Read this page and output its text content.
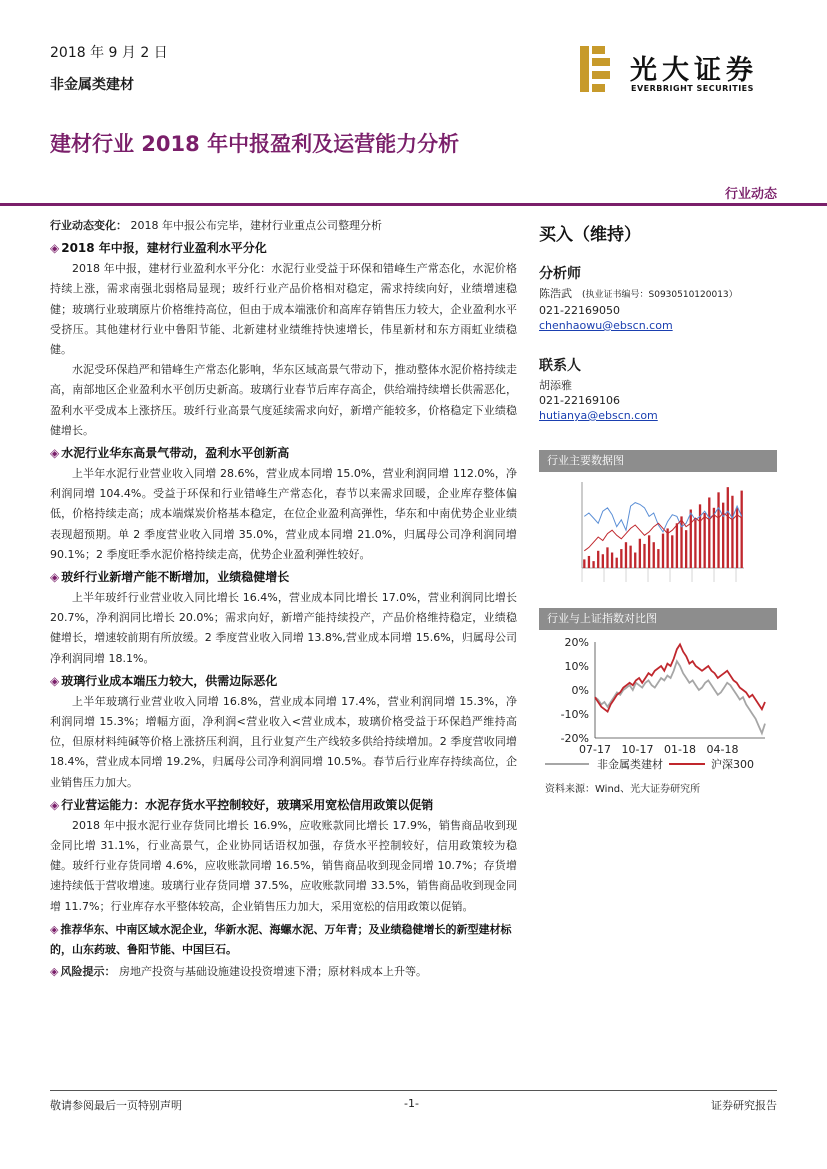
2018 年 9 月 2 日
非金属类建材	光大证券
EVERBRIGHT SECURITIES
建材行业 2018 年中报盈利及运营能力分析
行业动态
行业动态变化： 2018 年中报公布完毕，建材行业重点公司整理分析
◈ 2018 年中报，建材行业盈利水平分化
2018 年中报，建材行业盈利水平分化：水泥行业受益于环保和错峰生产常态化，水泥价格持续上涨，需求南强北弱格局显现；玻纤行业产品价格相对稳定，需求持续向好，业绩增速稳健；玻璃行业玻璃原片价格维持高位，但由于成本端涨价和高库存销售压力较大，企业盈利水平受挤压。其他建材行业中鲁阳节能、北新建材业绩维持快速增长，伟星新材和东方雨虹业绩稳健。
水泥受环保趋严和错峰生产常态化影响，华东区域高景气带动下，推动整体水泥价格持续走高，南部地区企业盈利水平创历史新高。玻璃行业春节后库存高企，供给端持续增长供需恶化，盈利水平受成本上涨挤压。玻纤行业高景气度延续需求向好，新增产能较多，价格稳定下业绩稳健增长。
◈ 水泥行业华东高景气带动，盈利水平创新高
上半年水泥行业营业收入同增 28.6%，营业成本同增 15.0%，营业利润同增 112.0%，净利润同增 104.4%。受益于环保和行业错峰生产常态化，春节以来需求回暖，企业库存整体偏低，价格持续走高；成本端煤炭价格基本稳定，在位企业盈利高弹性，华东和中南优势企业业绩表现超预期。单 2 季度营业收入同增 35.0%，营业成本同增 21.0%，归属母公司净利润同增 90.1%；2 季度旺季水泥价格持续走高，优势企业盈利弹性较好。
◈ 玻纤行业新增产能不断增加，业绩稳健增长
上半年玻纤行业营业收入同比增长 16.4%，营业成本同比增长 17.0%，营业利润同比增长 20.7%，净利润同比增长 20.0%；需求向好，新增产能持续投产，产品价格维持稳定，业绩稳健增长，增速较前期有所放缓。2 季度营业收入同增 13.8%,营业成本同增 15.6%，归属母公司净利润同增 18.1%。
◈ 玻璃行业成本端压力较大，供需边际恶化
上半年玻璃行业营业收入同增 16.8%，营业成本同增 17.4%，营业利润同增 15.3%，净利润同增 15.3%；增幅方面，净利润<营业收入<营业成本，玻璃价格受益于环保趋严维持高位，但原材料纯碱等价格上涨挤压利润，且行业复产生产线较多供给持续增加。2 季度营收同增 18.4%，营业成本同增 19.2%，归属母公司净利润同增 10.5%。春节后行业库存持续高位，企业销售压力加大。
◈ 行业营运能力：水泥存货水平控制较好，玻璃采用宽松信用政策以促销
2018 年中报水泥行业存货同比增长 16.9%，应收账款同比增长 17.9%，销售商品收到现金同比增 31.1%，行业高景气，企业协同话语权加强，存货水平控制较好，信用政策较为稳健。玻纤行业存货同增 4.6%，应收账款同增 16.5%，销售商品收到现金同增 10.7%；存货增速持续低于营收增速。玻璃行业存货同增 37.5%，应收账款同增 33.5%，销售商品收到现金同增 11.7%；行业库存水平整体较高，企业销售压力加大，采用宽松的信用政策以促销。
◈ 推荐华东、中南区域水泥企业，华新水泥、海螺水泥、万年青；及业绩稳健增长的新型建材标的，山东药玻、鲁阳节能、中国巨石。
◈ 风险提示： 房地产投资与基础设施建设投资增速下滑；原材料成本上升等。
买入（维持）
分析师
陈浩武 (执业证书编号：S0930510120013）
021-22169050
chenhaowu@ebscn.com
联系人
胡添雅
021-22169106
hutianya@ebscn.com
行业主要数据图
行业与上证指数对比图
20%
10%
0%
-10%
-20%
07-17 10-17 01-18 04-18
非金属类建材	沪深300
资料来源：Wind、光大证券研究所
敬请参阅最后一页特别声明	-1-	证券研究报告
